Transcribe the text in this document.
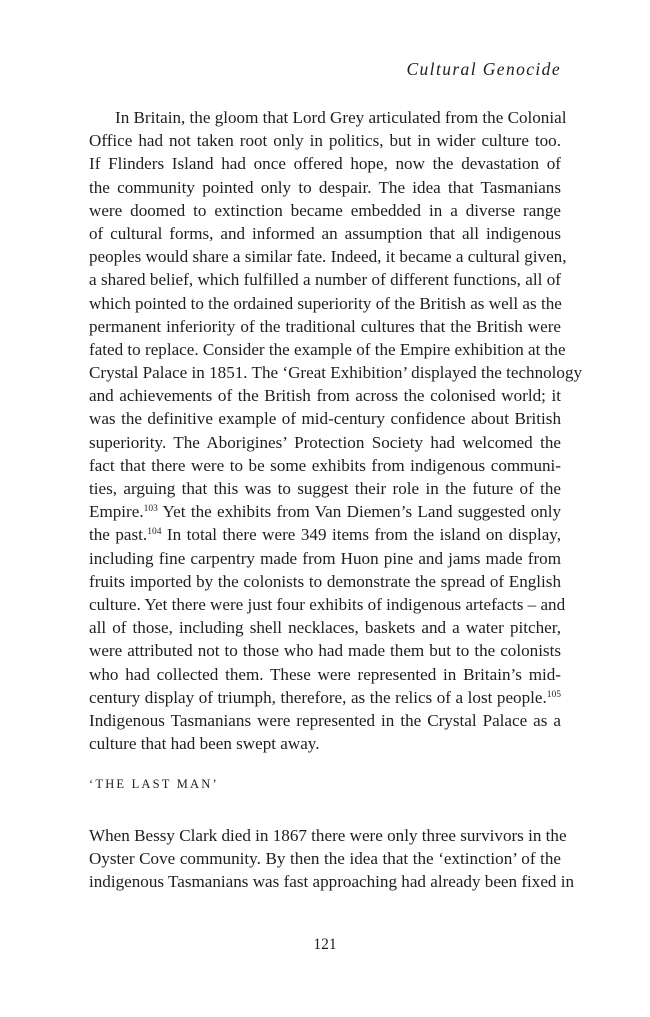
Cultural Genocide
In Britain, the gloom that Lord Grey articulated from the Colonial
Office had not taken root only in politics, but in wider culture too.
If Flinders Island had once offered hope, now the devastation of
the community pointed only to despair. The idea that Tasmanians
were doomed to extinction became embedded in a diverse range
of cultural forms, and informed an assumption that all indigenous
peoples would share a similar fate. Indeed, it became a cultural given,
a shared belief, which fulfilled a number of different functions, all of
which pointed to the ordained superiority of the British as well as the
permanent inferiority of the traditional cultures that the British were
fated to replace. Consider the example of the Empire exhibition at the
Crystal Palace in 1851. The ‘Great Exhibition’ displayed the technology
and achievements of the British from across the colonised world; it
was the definitive example of mid-century confidence about British
superiority. The Aborigines’ Protection Society had welcomed the
fact that there were to be some exhibits from indigenous communi-
ties, arguing that this was to suggest their role in the future of the
Empire.$^{103}$ Yet the exhibits from Van Diemen’s Land suggested only
the past.$^{104}$ In total there were 349 items from the island on display,
including fine carpentry made from Huon pine and jams made from
fruits imported by the colonists to demonstrate the spread of English
culture. Yet there were just four exhibits of indigenous artefacts – and
all of those, including shell necklaces, baskets and a water pitcher,
were attributed not to those who had made them but to the colonists
who had collected them. These were represented in Britain’s mid-
century display of triumph, therefore, as the relics of a lost people.$^{105}$
Indigenous Tasmanians were represented in the Crystal Palace as a
culture that had been swept away.
‘THE LAST MAN’
When Bessy Clark died in 1867 there were only three survivors in the
Oyster Cove community. By then the idea that the ‘extinction’ of the
indigenous Tasmanians was fast approaching had already been fixed in
121
